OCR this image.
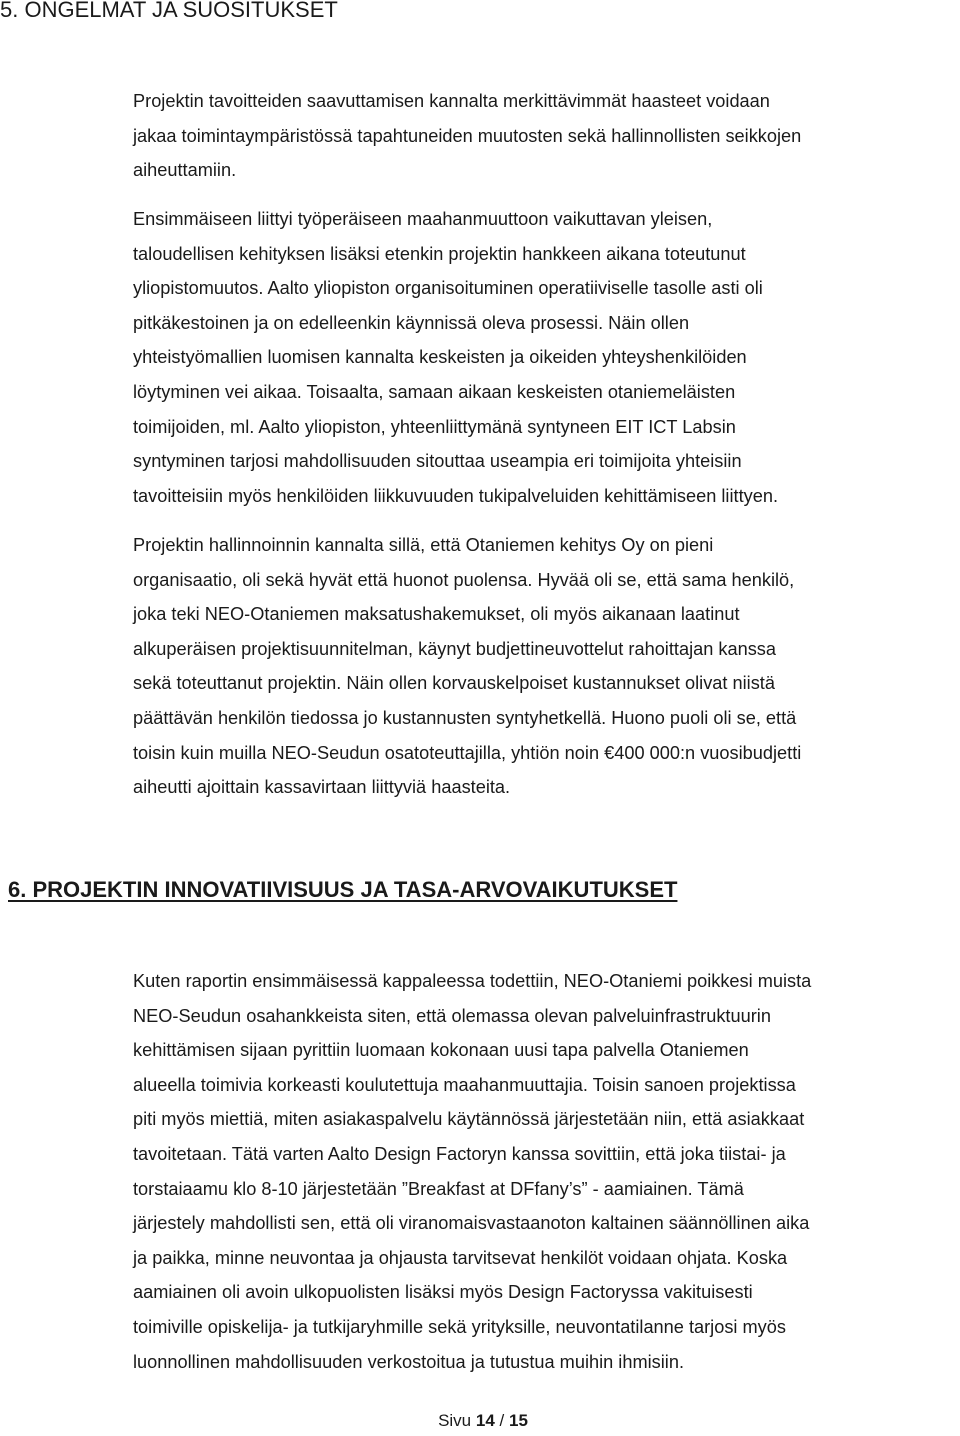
5. ONGELMAT JA SUOSITUKSET
Projektin tavoitteiden saavuttamisen kannalta merkittävimmät haasteet voidaan
jakaa toimintaympäristössä tapahtuneiden muutosten sekä hallinnollisten seikkojen
aiheuttamiin.
Ensimmäiseen liittyi työperäiseen maahanmuuttoon vaikuttavan yleisen,
taloudellisen kehityksen lisäksi etenkin projektin hankkeen aikana toteutunut
yliopistomuutos. Aalto yliopiston organisoituminen operatiiviselle tasolle asti oli
pitkäkestoinen ja on edelleenkin käynnissä oleva prosessi. Näin ollen
yhteistyömallien luomisen kannalta keskeisten ja oikeiden yhteyshenkilöiden
löytyminen vei aikaa. Toisaalta, samaan aikaan keskeisten otaniemeläisten
toimijoiden, ml. Aalto yliopiston, yhteenliittymänä syntyneen EIT ICT Labsin
syntyminen tarjosi mahdollisuuden sitouttaa useampia eri toimijoita yhteisiin
tavoitteisiin myös henkilöiden liikkuvuuden tukipalveluiden kehittämiseen liittyen.
Projektin hallinnoinnin kannalta sillä, että Otaniemen kehitys Oy on pieni
organisaatio, oli sekä hyvät että huonot puolensa. Hyvää oli se, että sama henkilö,
joka teki NEO-Otaniemen maksatushakemukset, oli myös aikanaan laatinut
alkuperäisen projektisuunnitelman, käynyt budjettineuvottelut rahoittajan kanssa
sekä toteuttanut projektin. Näin ollen korvauskelpoiset kustannukset olivat niistä
päättävän henkilön tiedossa jo kustannusten syntyhetkellä. Huono puoli oli se, että
toisin kuin muilla NEO-Seudun osatoteuttajilla, yhtiön noin €400 000:n vuosibudjetti
aiheutti ajoittain kassavirtaan liittyviä haasteita.
6. PROJEKTIN INNOVATIIVISUUS JA TASA-ARVOVAIKUTUKSET
Kuten raportin ensimmäisessä kappaleessa todettiin, NEO-Otaniemi poikkesi muista
NEO-Seudun osahankkeista siten, että olemassa olevan palveluinfrastruktuurin
kehittämisen sijaan pyrittiin luomaan kokonaan uusi tapa palvella Otaniemen
alueella toimivia korkeasti koulutettuja maahanmuuttajia. Toisin sanoen projektissa
piti myös miettiä, miten asiakaspalvelu käytännössä järjestetään niin, että asiakkaat
tavoitetaan. Tätä varten Aalto Design Factoryn kanssa sovittiin, että joka tiistai- ja
torstaiaamu klo 8-10 järjestetään ”Breakfast at DFfany’s” - aamiainen. Tämä
järjestely mahdollisti sen, että oli viranomaisvastaanoton kaltainen säännöllinen aika
ja paikka, minne neuvontaa ja ohjausta tarvitsevat henkilöt voidaan ohjata. Koska
aamiainen oli avoin ulkopuolisten lisäksi myös Design Factoryssa vakituisesti
toimiville opiskelija- ja tutkijaryhmille sekä yrityksille, neuvontatilanne tarjosi myös
luonnollinen mahdollisuuden verkostoitua ja tutustua muihin ihmisiin.
Sivu 14 / 15
